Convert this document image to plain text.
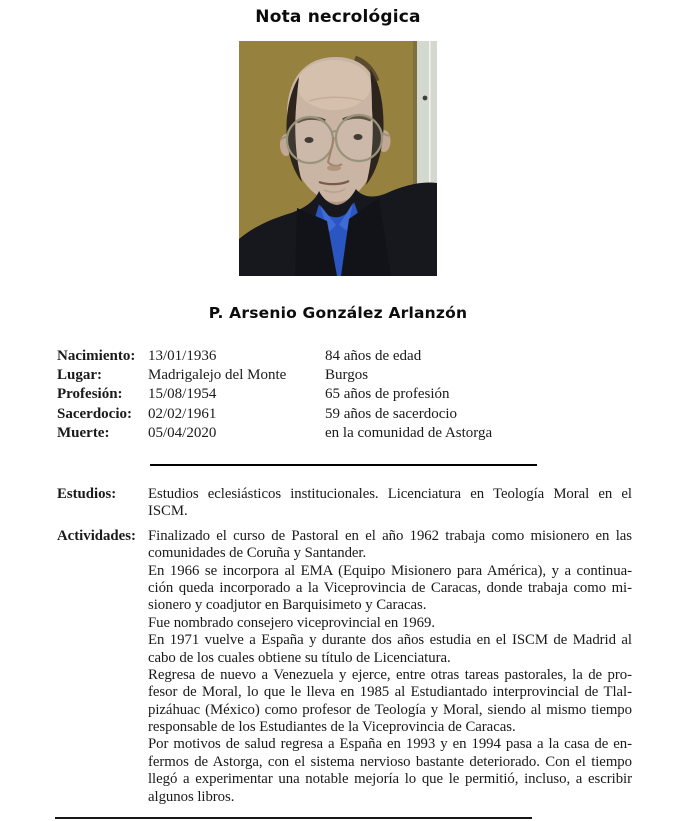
Nota necrológica
P. Arsenio González Arlanzón
Nacimiento: 13/01/1936	84 años de edad
Lugar:	Madrigalejo del Monte	Burgos
Profesión:	15/08/1954	65 años de profesión
Sacerdocio:	02/02/1961	59 años de sacerdocio
Muerte:	05/04/2020	en la comunidad de Astorga
Estudios:	Estudios eclesiásticos institucionales. Licenciatura en Teología Moral en el
ISCM.
Actividades: Finalizado el curso de Pastoral en el año 1962 trabaja como misionero en las
comunidades de Coruña y Santander.
En 1966 se incorpora al EMA (Equipo Misionero para América), y a continua-
ción queda incorporado a la Viceprovincia de Caracas, donde trabaja como mi-
sionero y coadjutor en Barquisimeto y Caracas.
Fue nombrado consejero viceprovincial en 1969.
En 1971 vuelve a España y durante dos años estudia en el ISCM de Madrid al
cabo de los cuales obtiene su título de Licenciatura.
Regresa de nuevo a Venezuela y ejerce, entre otras tareas pastorales, la de pro-
fesor de Moral, lo que le lleva en 1985 al Estudiantado interprovincial de Tlal-
pizáhuac (México) como profesor de Teología y Moral, siendo al mismo tiempo
responsable de los Estudiantes de la Viceprovincia de Caracas.
Por motivos de salud regresa a España en 1993 y en 1994 pasa a la casa de en-
fermos de Astorga, con el sistema nervioso bastante deteriorado. Con el tiempo
llegó a experimentar una notable mejoría lo que le permitió, incluso, a escribir
algunos libros.
